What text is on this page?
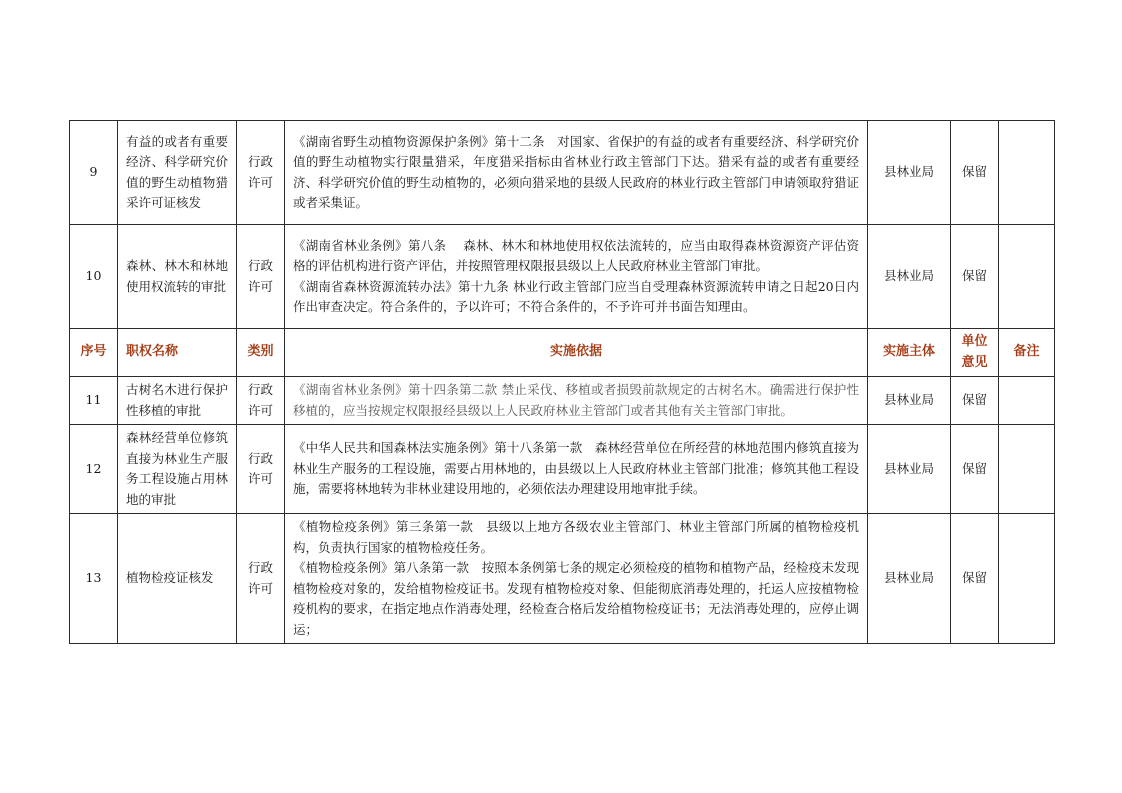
9	有益的或者有重要经济、科学研究价值的野生动植物猎采许可证核发	行政
许可	《湖南省野生动植物资源保护条例》第十二条　对国家、省保护的有益的或者有重要经济、科学研究价值的野生动植物实行限量猎采，年度猎采指标由省林业行政主管部门下达。猎采有益的或者有重要经济、科学研究价值的野生动植物的，必须向猎采地的县级人民政府的林业行政主管部门申请领取狩猎证或者采集证。	县林业局	保留	
10	森林、林木和林地使用权流转的审批	行政
许可	《湖南省林业条例》第八条　 森林、林木和林地使用权依法流转的，应当由取得森林资源资产评估资格的评估机构进行资产评估，并按照管理权限报县级以上人民政府林业主管部门审批。
《湖南省森林资源流转办法》第十九条 林业行政主管部门应当自受理森林资源流转申请之日起20日内作出审查决定。符合条件的，予以许可；不符合条件的，不予许可并书面告知理由。	县林业局	保留	
序号	职权名称	类别	实施依据	实施主体	单位
意见	备注
11	古树名木进行保护性移植的审批	行政
许可	《湖南省林业条例》第十四条第二款 禁止采伐、移植或者损毁前款规定的古树名木。确需进行保护性移植的，应当按规定权限报经县级以上人民政府林业主管部门或者其他有关主管部门审批。	县林业局	保留	
12	森林经营单位修筑直接为林业生产服务工程设施占用林地的审批	行政
许可	《中华人民共和国森林法实施条例》第十八条第一款　森林经营单位在所经营的林地范围内修筑直接为林业生产服务的工程设施，需要占用林地的，由县级以上人民政府林业主管部门批准；修筑其他工程设施，需要将林地转为非林业建设用地的，必须依法办理建设用地审批手续。	县林业局	保留	
13	植物检疫证核发	行政
许可	《植物检疫条例》第三条第一款　县级以上地方各级农业主管部门、林业主管部门所属的植物检疫机构，负责执行国家的植物检疫任务。
《植物检疫条例》第八条第一款　按照本条例第七条的规定必须检疫的植物和植物产品，经检疫未发现植物检疫对象的，发给植物检疫证书。发现有植物检疫对象、但能彻底消毒处理的，托运人应按植物检疫机构的要求，在指定地点作消毒处理，经检查合格后发给植物检疫证书；无法消毒处理的，应停止调运；	县林业局	保留	
